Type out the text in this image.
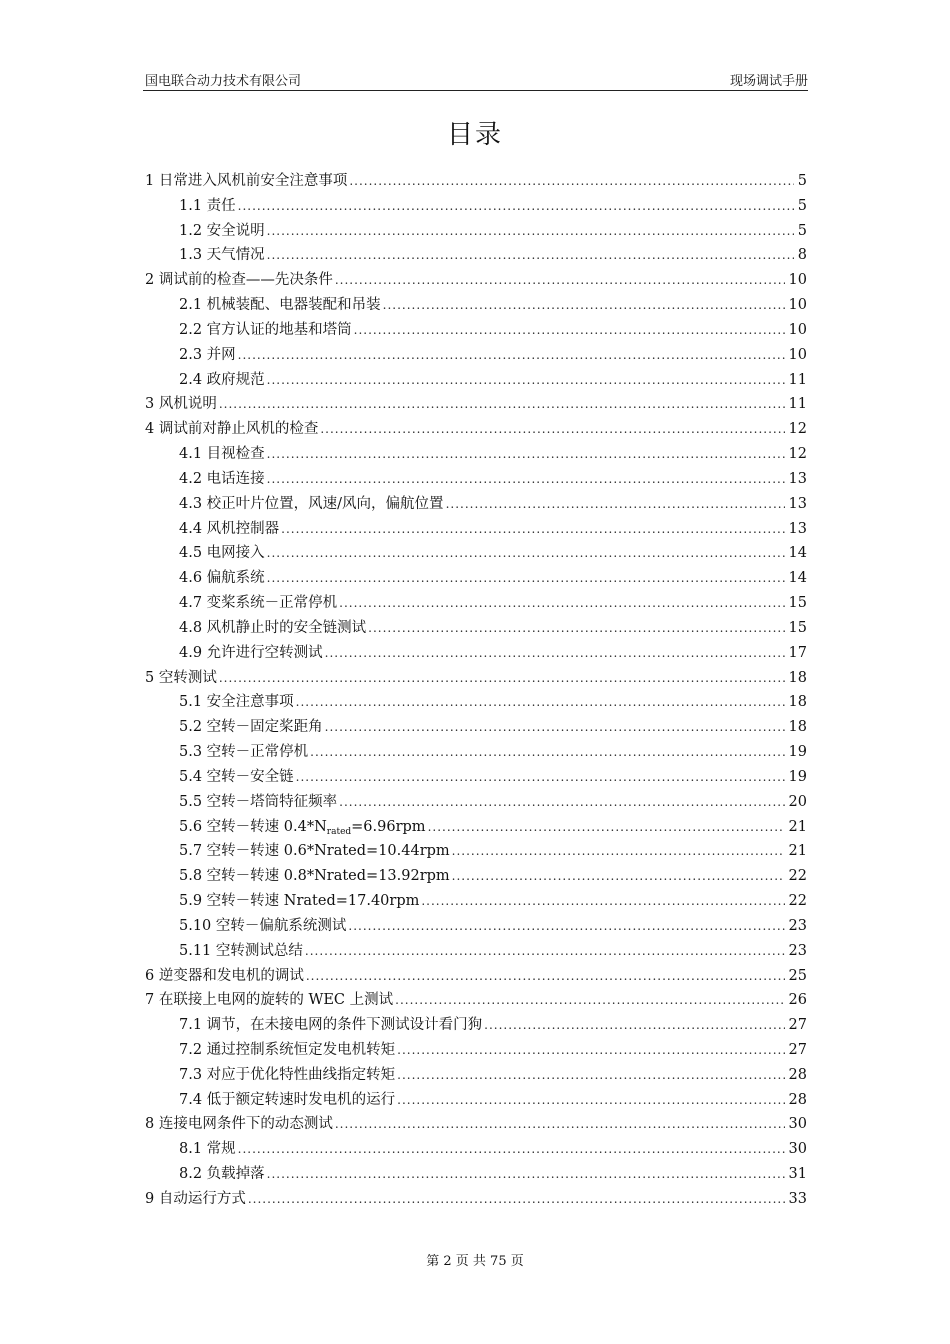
国电联合动力技术有限公司	现场调试手册
目录
1 日常进入风机前安全注意事项 .....	5
1.1 责任 .....	5
1.2 安全说明 .....	5
1.3 天气情况 .....	8
2 调试前的检查——先决条件 .....	10
2.1 机械装配、电器装配和吊装 .....	10
2.2 官方认证的地基和塔筒 .....	10
2.3 并网 .....	10
2.4 政府规范 .....	11
3 风机说明 .....	11
4 调试前对静止风机的检查 .....	12
4.1 目视检查 .....	12
4.2 电话连接 .....	13
4.3 校正叶片位置，风速/风向，偏航位置 .....	13
4.4 风机控制器 .....	13
4.5 电网接入 .....	14
4.6 偏航系统 .....	14
4.7 变桨系统－正常停机 .....	15
4.8 风机静止时的安全链测试 .....	15
4.9 允许进行空转测试 .....	17
5 空转测试 .....	18
5.1 安全注意事项 .....	18
5.2 空转－固定桨距角 .....	18
5.3 空转－正常停机 .....	19
5.4 空转－安全链 .....	19
5.5 空转－塔筒特征频率 .....	20
5.6 空转－转速 $0.4*N_{rated}=6.96rpm$ .....	21
5.7 空转－转速 0.6*Nrated=10.44rpm .....	21
5.8 空转－转速 0.8*Nrated=13.92rpm .....	22
5.9 空转－转速 Nrated=17.40rpm .....	22
5.10 空转－偏航系统测试 .....	23
5.11 空转测试总结 .....	23
6 逆变器和发电机的调试 .....	25
7 在联接上电网的旋转的 WEC 上测试 .....	26
7.1 调节，在未接电网的条件下测试设计看门狗 .....	27
7.2 通过控制系统恒定发电机转矩 .....	27
7.3 对应于优化特性曲线指定转矩 .....	28
7.4 低于额定转速时发电机的运行 .....	28
8 连接电网条件下的动态测试 .....	30
8.1 常规 .....	30
8.2 负载掉落 .....	31
9 自动运行方式 .....	33
第 2 页 共 75 页
